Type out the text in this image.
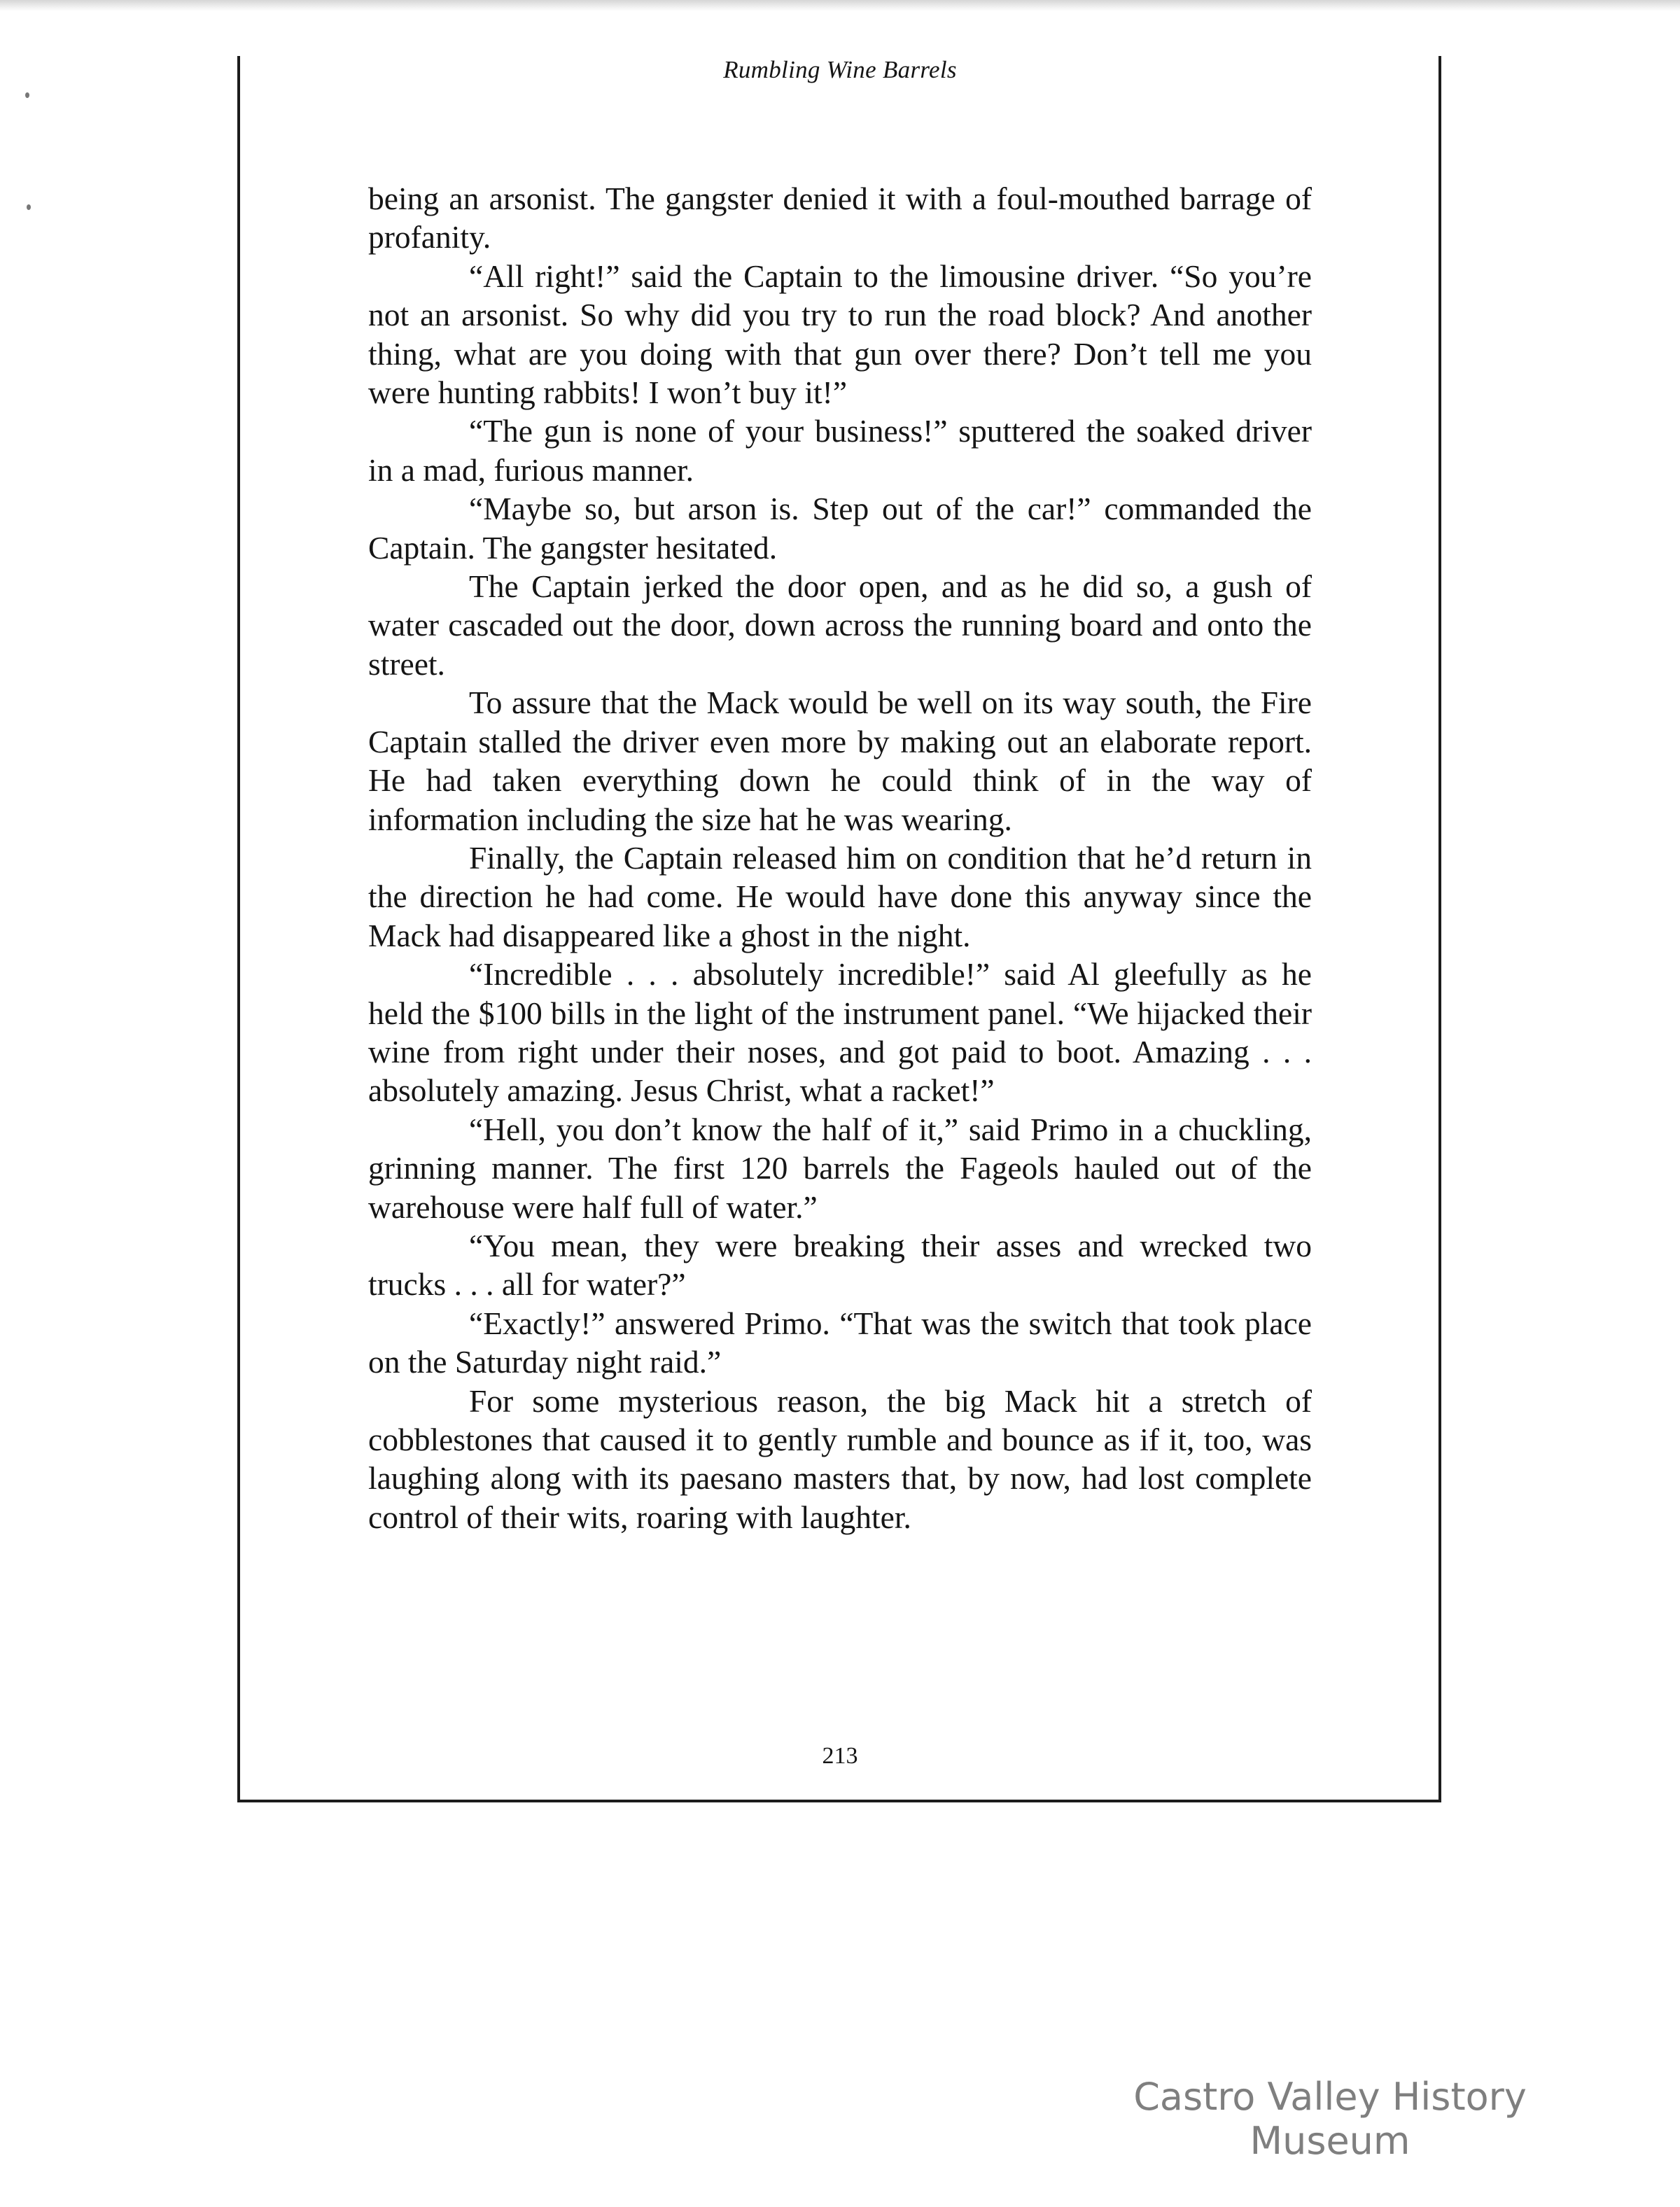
Rumbling Wine Barrels

being an arsonist. The gangster denied it with a foul-mouthed barrage of profanity.

“All right!” said the Captain to the limousine driver. “So you’re not an arsonist. So why did you try to run the road block? And another thing, what are you doing with that gun over there? Don’t tell me you were hunting rabbits! I won’t buy it!”

“The gun is none of your business!” sputtered the soaked driver in a mad, furious manner.

“Maybe so, but arson is. Step out of the car!” commanded the Captain. The gangster hesitated.

The Captain jerked the door open, and as he did so, a gush of water cascaded out the door, down across the running board and onto the street.

To assure that the Mack would be well on its way south, the Fire Captain stalled the driver even more by making out an elaborate report. He had taken everything down he could think of in the way of information including the size hat he was wearing.

Finally, the Captain released him on condition that he’d return in the direction he had come. He would have done this anyway since the Mack had disappeared like a ghost in the night.

“Incredible . . . absolutely incredible!” said Al gleefully as he held the $100 bills in the light of the instrument panel. “We hijacked their wine from right under their noses, and got paid to boot. Amazing . . . absolutely amazing. Jesus Christ, what a racket!”

“Hell, you don’t know the half of it,” said Primo in a chuckling, grinning manner. The first 120 barrels the Fageols hauled out of the warehouse were half full of water.”

“You mean, they were breaking their asses and wrecked two trucks . . . all for water?”

“Exactly!” answered Primo. “That was the switch that took place on the Saturday night raid.”

For some mysterious reason, the big Mack hit a stretch of cobblestones that caused it to gently rumble and bounce as if it, too, was laughing along with its paesano masters that, by now, had lost complete control of their wits, roaring with laughter.

213
Castro Valley History Museum
